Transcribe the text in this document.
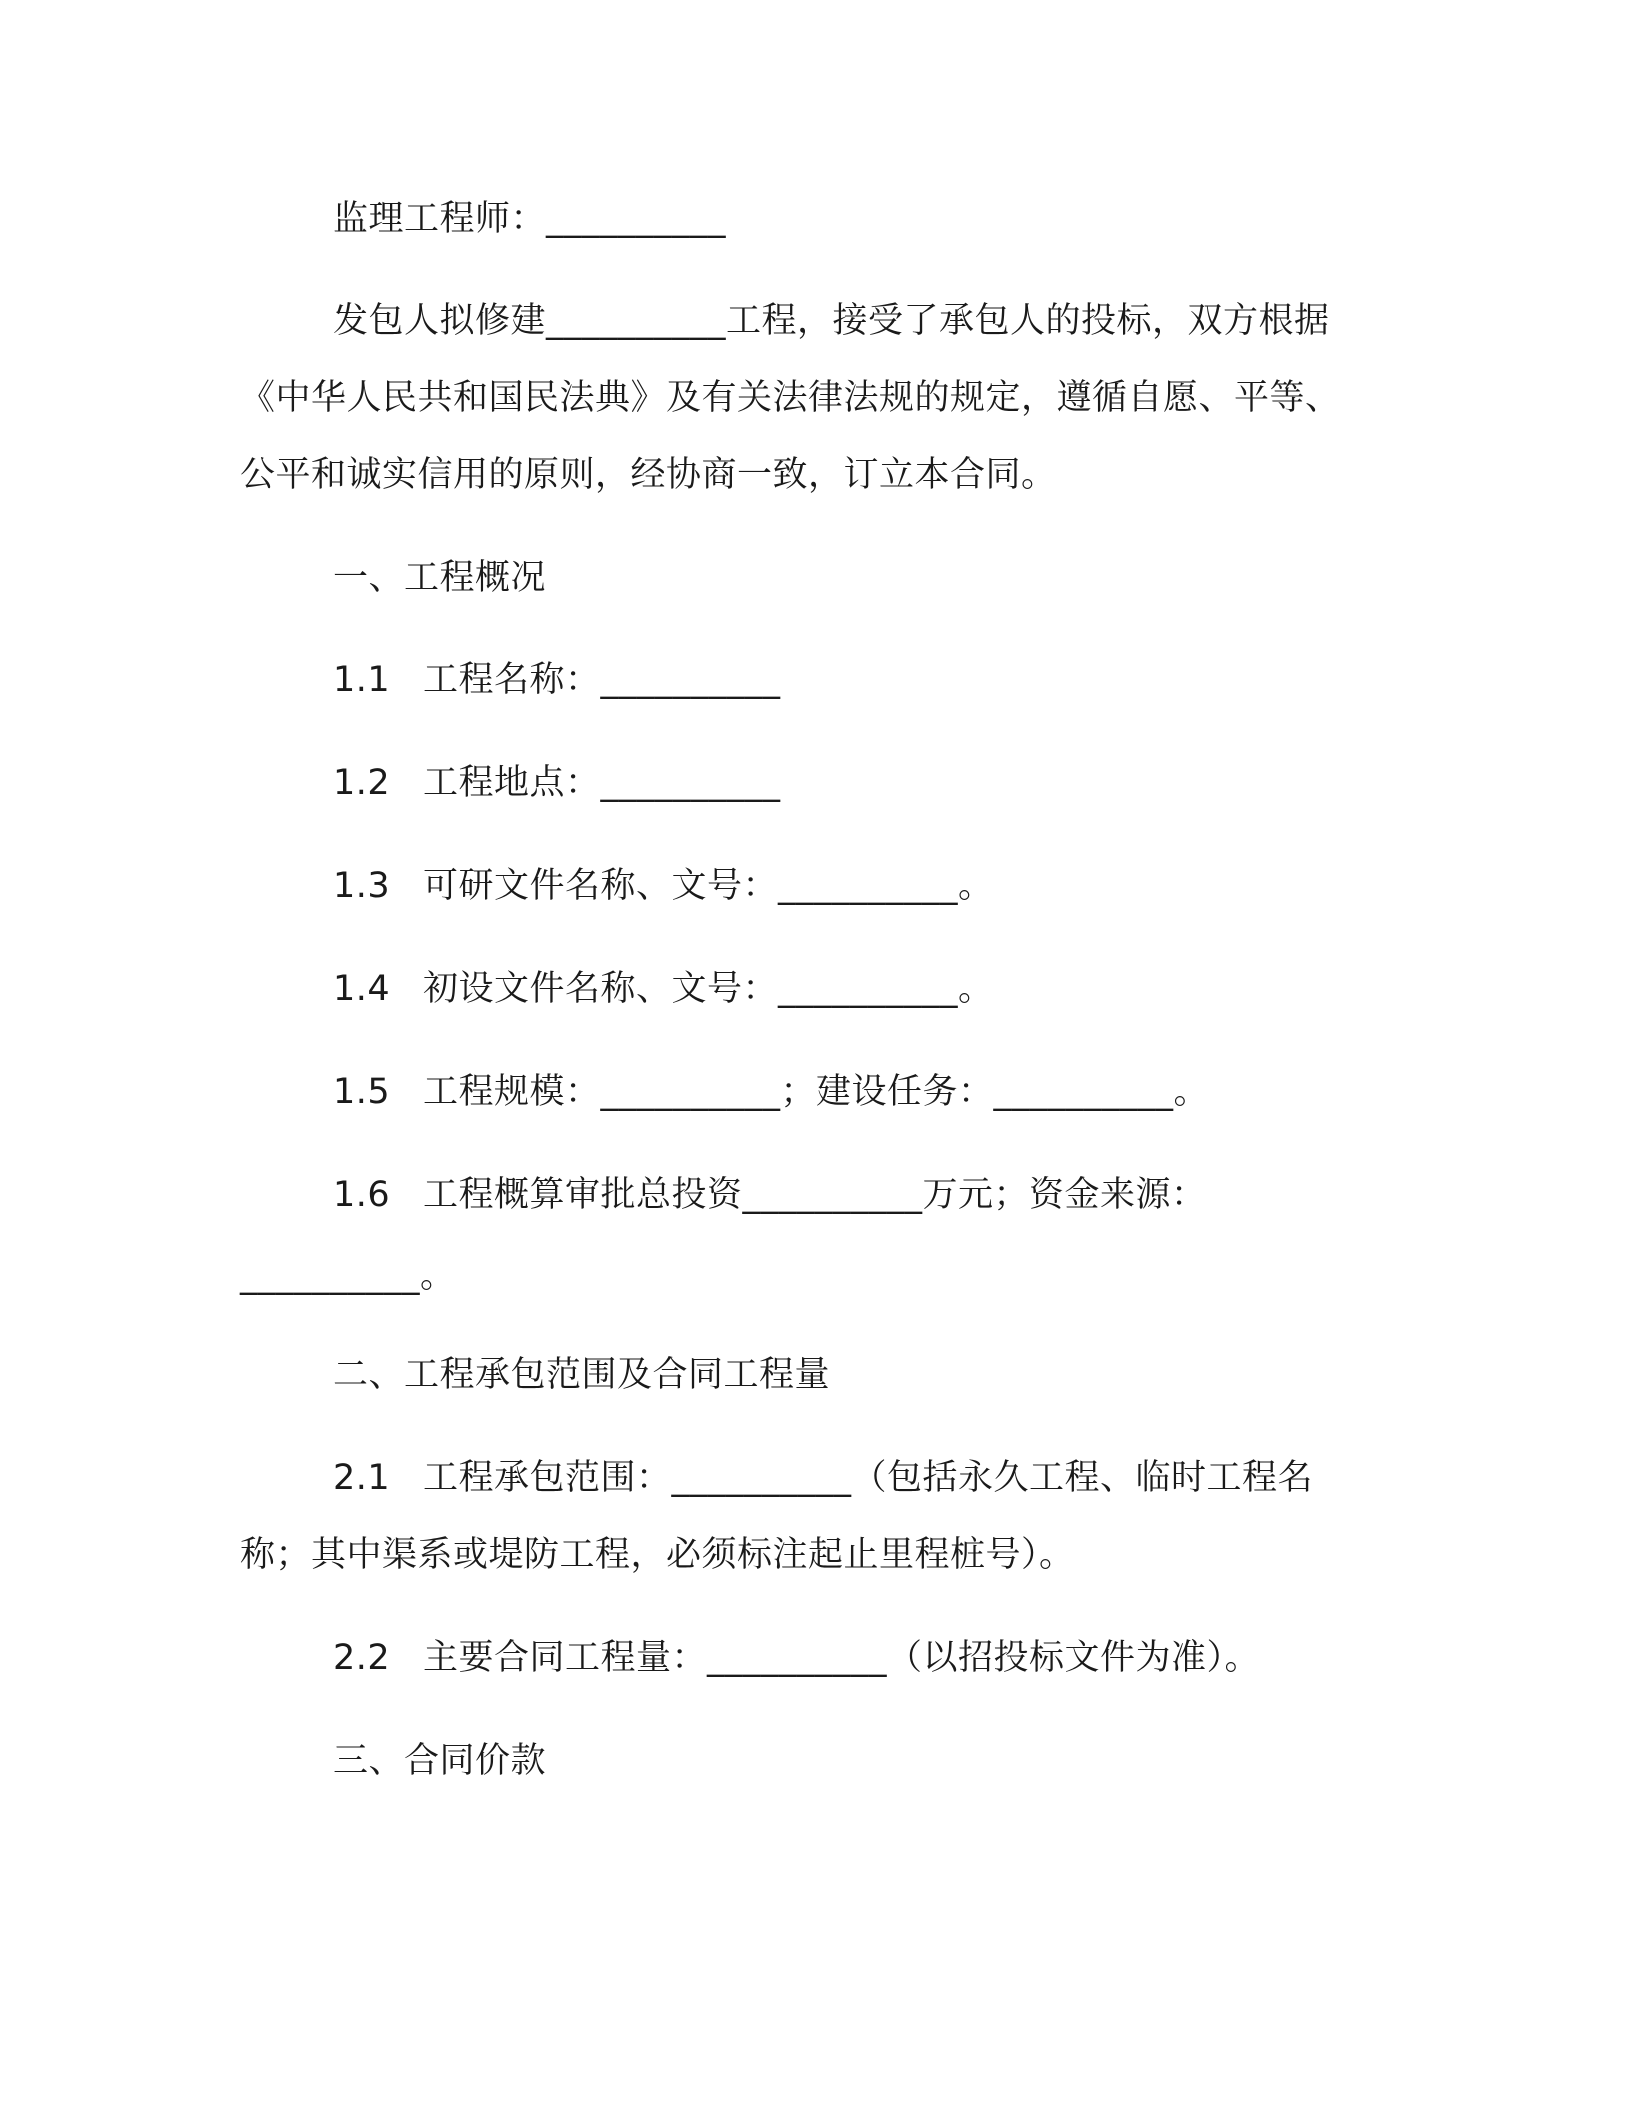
监理工程师：__________
发包人拟修建__________工程，接受了承包人的投标，双方根据
《中华人民共和国民法典》及有关法律法规的规定，遵循自愿、平等、
公平和诚实信用的原则，经协商一致，订立本合同。
一、工程概况
1.1 工程名称：__________
1.2 工程地点：__________
1.3 可研文件名称、文号：__________。
1.4 初设文件名称、文号：__________。
1.5 工程规模：__________；建设任务：__________。
1.6 工程概算审批总投资__________万元；资金来源：
__________。
二、工程承包范围及合同工程量
2.1 工程承包范围：__________（包括永久工程、临时工程名
称；其中渠系或堤防工程，必须标注起止里程桩号）。
2.2 主要合同工程量：__________（以招投标文件为准）。
三、合同价款
